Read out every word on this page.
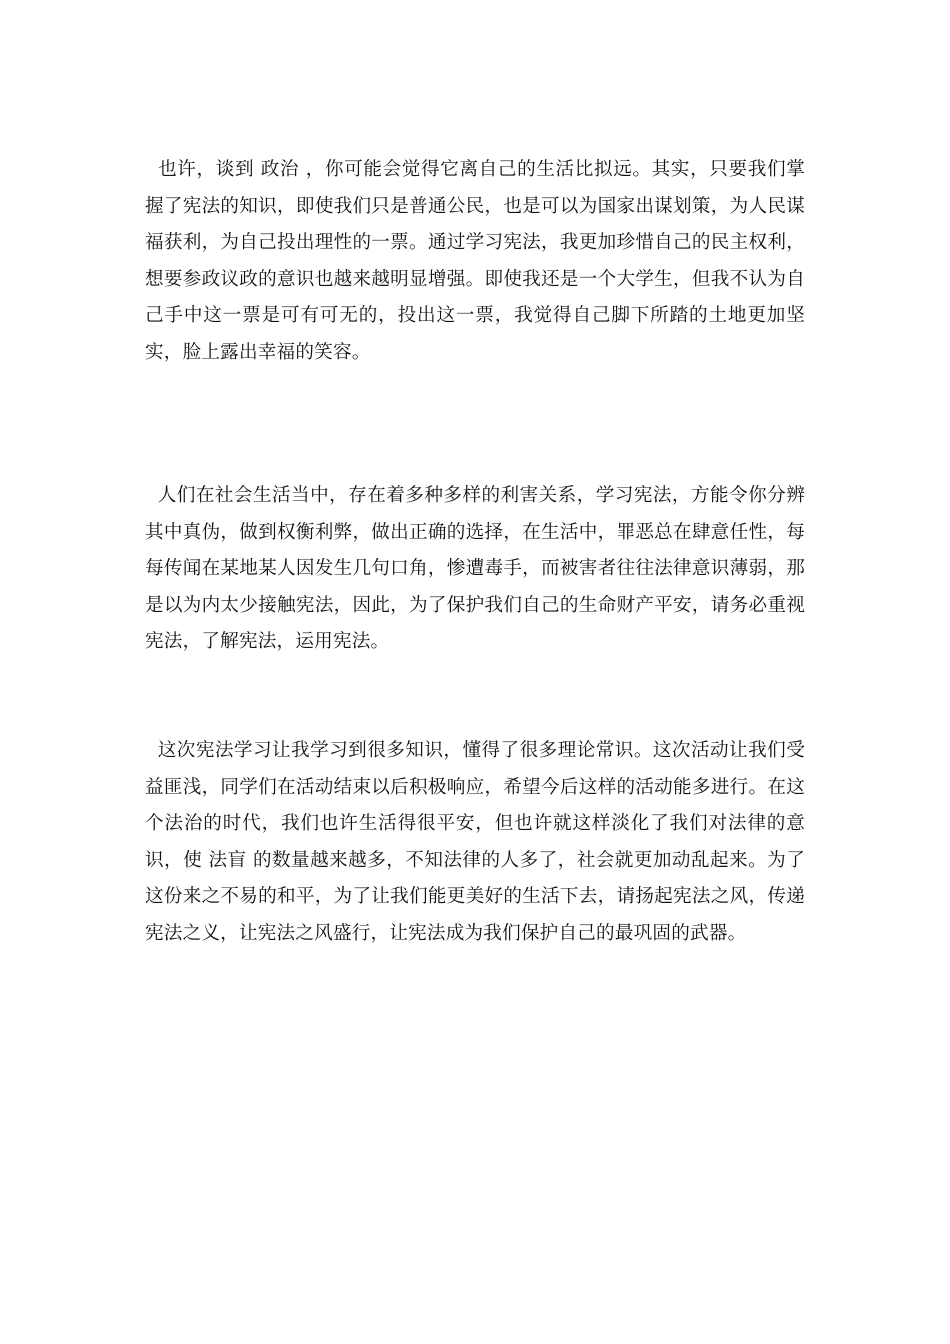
也许，谈到 政治 ，你可能会觉得它离自己的生活比拟远。其实，只要我们掌握了宪法的知识，即使我们只是普通公民，也是可以为国家出谋划策，为人民谋福获利，为自己投出理性的一票。通过学习宪法，我更加珍惜自己的民主权利，想要参政议政的意识也越来越明显增强。即使我还是一个大学生，但我不认为自己手中这一票是可有可无的，投出这一票，我觉得自己脚下所踏的土地更加坚实，脸上露出幸福的笑容。

人们在社会生活当中，存在着多种多样的利害关系，学习宪法，方能令你分辨其中真伪，做到权衡利弊，做出正确的选择，在生活中，罪恶总在肆意任性，每每传闻在某地某人因发生几句口角，惨遭毒手，而被害者往往法律意识薄弱，那是以为内太少接触宪法，因此，为了保护我们自己的生命财产平安，请务必重视宪法，了解宪法，运用宪法。

这次宪法学习让我学习到很多知识，懂得了很多理论常识。这次活动让我们受益匪浅，同学们在活动结束以后积极响应，希望今后这样的活动能多进行。在这个法治的时代，我们也许生活得很平安，但也许就这样淡化了我们对法律的意识，使 法盲 的数量越来越多，不知法律的人多了，社会就更加动乱起来。为了这份来之不易的和平，为了让我们能更美好的生活下去，请扬起宪法之风，传递宪法之义，让宪法之风盛行，让宪法成为我们保护自己的最巩固的武器。
